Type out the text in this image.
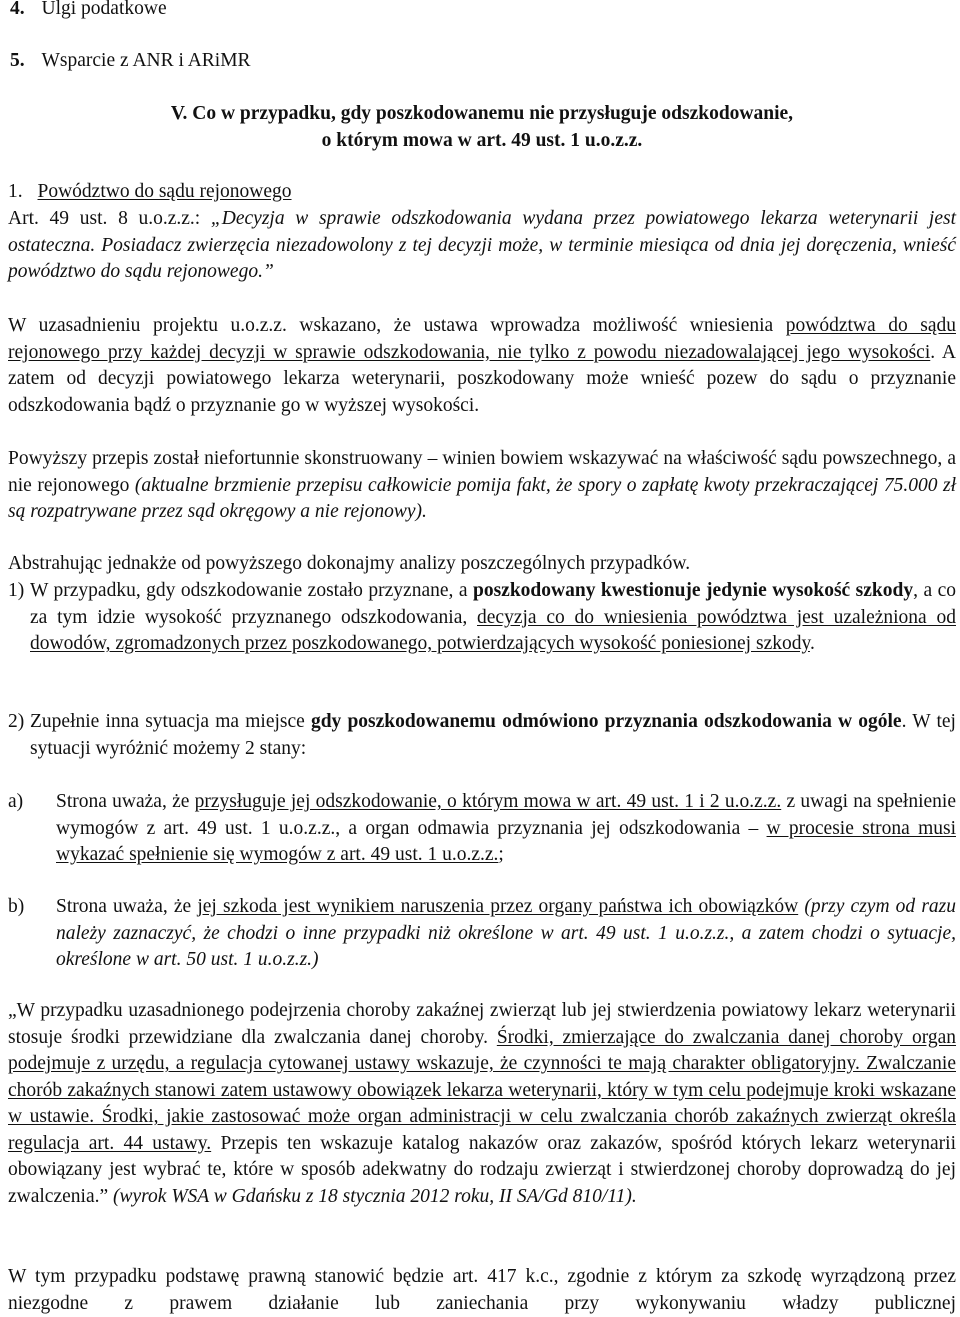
4. Ulgi podatkowe
5. Wsparcie z ANR i ARiMR
V. Co w przypadku, gdy poszkodowanemu nie przysługuje odszkodowanie,
o którym mowa w art. 49 ust. 1 u.o.z.z.
1. Powództwo do sądu rejonowego
Art. 49 ust. 8 u.o.z.z.: „Decyzja w sprawie odszkodowania wydana przez powiatowego lekarza weterynarii jest ostateczna. Posiadacz zwierzęcia niezadowolony z tej decyzji może, w terminie miesiąca od dnia jej doręczenia, wnieść powództwo do sądu rejonowego.”
W uzasadnieniu projektu u.o.z.z. wskazano, że ustawa wprowadza możliwość wniesienia powództwa do sądu rejonowego przy każdej decyzji w sprawie odszkodowania, nie tylko z powodu niezadowalającej jego wysokości. A zatem od decyzji powiatowego lekarza weterynarii, poszkodowany może wnieść pozew do sądu o przyznanie odszkodowania bądź o przyznanie go w wyższej wysokości.
Powyższy przepis został niefortunnie skonstruowany – winien bowiem wskazywać na właściwość sądu powszechnego, a nie rejonowego (aktualne brzmienie przepisu całkowicie pomija fakt, że spory o zapłatę kwoty przekraczającej 75.000 zł są rozpatrywane przez sąd okręgowy a nie rejonowy).
Abstrahując jednakże od powyższego dokonajmy analizy poszczególnych przypadków.
1) W przypadku, gdy odszkodowanie zostało przyznane, a poszkodowany kwestionuje jedynie wysokość szkody, a co za tym idzie wysokość przyznanego odszkodowania, decyzja co do wniesienia powództwa jest uzależniona od dowodów, zgromadzonych przez poszkodowanego, potwierdzających wysokość poniesionej szkody.
2) Zupełnie inna sytuacja ma miejsce gdy poszkodowanemu odmówiono przyznania odszkodowania w ogóle. W tej sytuacji wyróżnić możemy 2 stany:
a) Strona uważa, że przysługuje jej odszkodowanie, o którym mowa w art. 49 ust. 1 i 2 u.o.z.z. z uwagi na spełnienie wymogów z art. 49 ust. 1 u.o.z.z., a organ odmawia przyznania jej odszkodowania – w procesie strona musi wykazać spełnienie się wymogów z art. 49 ust. 1 u.o.z.z.;
b) Strona uważa, że jej szkoda jest wynikiem naruszenia przez organy państwa ich obowiązków (przy czym od razu należy zaznaczyć, że chodzi o inne przypadki niż określone w art. 49 ust. 1 u.o.z.z., a zatem chodzi o sytuacje, określone w art. 50 ust. 1 u.o.z.z.)
„W przypadku uzasadnionego podejrzenia choroby zakaźnej zwierząt lub jej stwierdzenia powiatowy lekarz weterynarii stosuje środki przewidziane dla zwalczania danej choroby. Środki, zmierzające do zwalczania danej choroby organ podejmuje z urzędu, a regulacja cytowanej ustawy wskazuje, że czynności te mają charakter obligatoryjny. Zwalczanie chorób zakaźnych stanowi zatem ustawowy obowiązek lekarza weterynarii, który w tym celu podejmuje kroki wskazane w ustawie. Środki, jakie zastosować może organ administracji w celu zwalczania chorób zakaźnych zwierząt określa regulacja art. 44 ustawy. Przepis ten wskazuje katalog nakazów oraz zakazów, spośród których lekarz weterynarii obowiązany jest wybrać te, które w sposób adekwatny do rodzaju zwierząt i stwierdzonej choroby doprowadzą do jej zwalczenia.” (wyrok WSA w Gdańsku z 18 stycznia 2012 roku, II SA/Gd 810/11).
W tym przypadku podstawę prawną stanowić będzie art. 417 k.c., zgodnie z którym za szkodę wyrządzoną przez niezgodne z prawem działanie lub zaniechania przy wykonywaniu władzy publicznej
